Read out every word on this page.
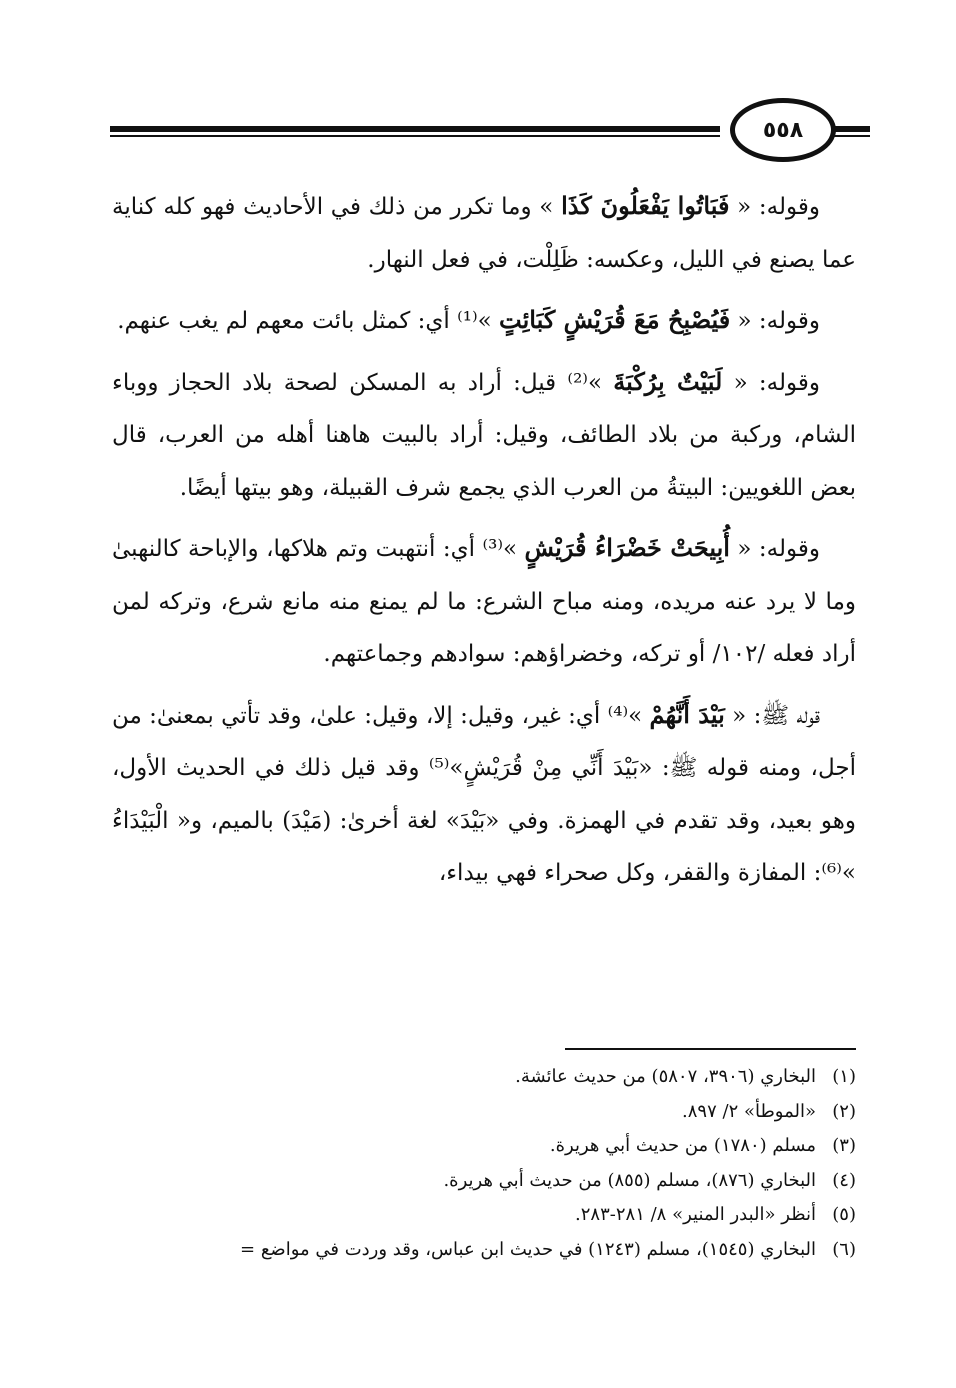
٥٥٨

وقوله: « فَبَاتُوا يَفْعَلُونَ كَذَا » وما تكرر من ذلك في الأحاديث فهو كله كناية عما يصنع في الليل، وعكسه: ظَلِلْت، في فعل النهار.

وقوله: « فَيُصْبِحُ مَعَ قُرَيْشٍ كَبَائِتٍ »⁽¹⁾ أي: كمثل بائت معهم لم يغب عنهم.

وقوله: « لَبَيْتٌ بِرُكْبَةَ »⁽²⁾ قيل: أراد به المسكن لصحة بلاد الحجاز ووباء الشام، وركبة من بلاد الطائف، وقيل: أراد بالبيت هاهنا أهله من العرب، قال بعض اللغويين: البيتةُ من العرب الذي يجمع شرف القبيلة، وهو بيتها أيضًا.

وقوله: « أُبِيحَتْ خَضْرَاءُ قُرَيْشٍ »⁽³⁾ أي: أنتهبت وتم هلاكها، والإباحة كالنهبىٰ وما لا يرد عنه مريده، ومنه مباح الشرع: ما لم يمنع منه مانع شرع، وتركه لمن أراد فعله /١٠٢/ أو تركه، وخضراؤهم: سوادهم وجماعتهم.

قوله ﷺ: « بَيْدَ أَنَّهُمْ »⁽⁴⁾ أي: غير، وقيل: إلا، وقيل: علىٰ، وقد تأتي بمعنىٰ: من أجل، ومنه قوله ﷺ: «بَيْدَ أَنِّي مِنْ قُرَيْشٍ»⁽⁵⁾ وقد قيل ذلك في الحديث الأول، وهو بعيد، وقد تقدم في الهمزة. وفي «بَيْدَ» لغة أخرىٰ: (مَيْدَ) بالميم، و« الْبَيْدَاءُ »⁽⁶⁾: المفازة والقفر، وكل صحراء فهي بيداء،

(١)البخاري (٣٩٠٦، ٥٨٠٧) من حديث عائشة.
(٢)«الموطأ» ٢/ ٨٩٧.
(٣)مسلم (١٧٨٠) من حديث أبي هريرة.
(٤)البخاري (٨٧٦)، مسلم (٨٥٥) من حديث أبي هريرة.
(٥)أنظر «البدر المنير» ٨/ ٢٨١-٢٨٣.
(٦)البخاري (١٥٤٥)، مسلم (١٢٤٣) في حديث ابن عباس، وقد وردت في مواضع =
